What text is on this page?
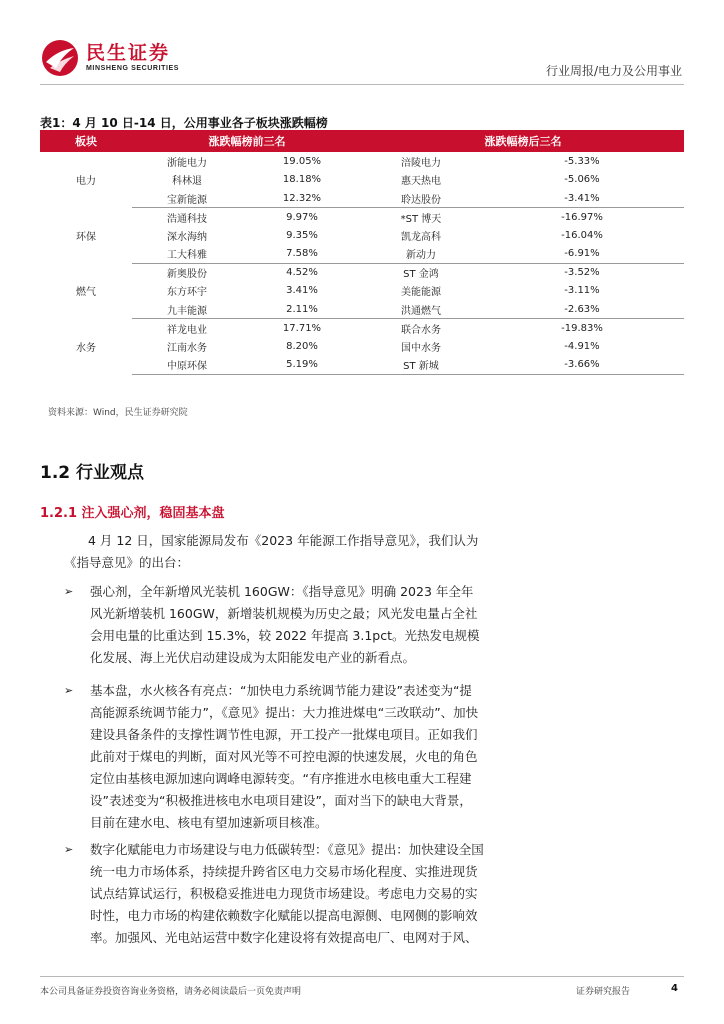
民生证券
MINSHENG SECURITIES	行业周报/电力及公用事业
表1：4 月 10 日-14 日，公用事业各子板块涨跌幅榜
板块	涨跌幅榜前三名		涨跌幅榜后三名	
电力	浙能电力	19.05%	涪陵电力	-5.33%
	科林退	18.18%	惠天热电	-5.06%
	宝新能源	12.32%	聆达股份	-3.41%
环保	浩通科技	9.97%	*ST 博天	-16.97%
	深水海纳	9.35%	凯龙高科	-16.04%
	工大科雅	7.58%	新动力	-6.91%
燃气	新奥股份	4.52%	ST 金鸿	-3.52%
	东方环宇	3.41%	美能能源	-3.11%
	九丰能源	2.11%	洪通燃气	-2.63%
水务	祥龙电业	17.71%	联合水务	-19.83%
	江南水务	8.20%	国中水务	-4.91%
	中原环保	5.19%	ST 新城	-3.66%
资料来源：Wind，民生证券研究院
1.2 行业观点
1.2.1 注入强心剂，稳固基本盘
4 月 12 日，国家能源局发布《2023 年能源工作指导意见》，我们认为《指导意见》的出台：
➢	强心剂，全年新增风光装机 160GW：《指导意见》明确 2023 年全年风光新增装机 160GW，新增装机规模为历史之最；风光发电量占全社会用电量的比重达到 15.3%，较 2022 年提高 3.1pct。光热发电规模化发展、海上光伏启动建设成为太阳能发电产业的新看点。
➢	基本盘，水火核各有亮点：“加快电力系统调节能力建设”表述变为“提高能源系统调节能力”，《意见》提出：大力推进煤电“三改联动”、加快建设具备条件的支撑性调节性电源，开工投产一批煤电项目。正如我们此前对于煤电的判断，面对风光等不可控电源的快速发展，火电的角色定位由基核电源加速向调峰电源转变。“有序推进水电核电重大工程建设”表述变为“积极推进核电水电项目建设”，面对当下的缺电大背景，目前在建水电、核电有望加速新项目核准。
➢	数字化赋能电力市场建设与电力低碳转型：《意见》提出：加快建设全国统一电力市场体系，持续提升跨省区电力交易市场化程度、实推进现货试点结算试运行，积极稳妥推进电力现货市场建设。考虑电力交易的实时性，电力市场的构建依赖数字化赋能以提高电源侧、电网侧的影响效率。加强风、光电站运营中数字化建设将有效提高电厂、电网对于风、
本公司具备证券投资咨询业务资格，请务必阅读最后一页免责声明	证券研究报告	4
